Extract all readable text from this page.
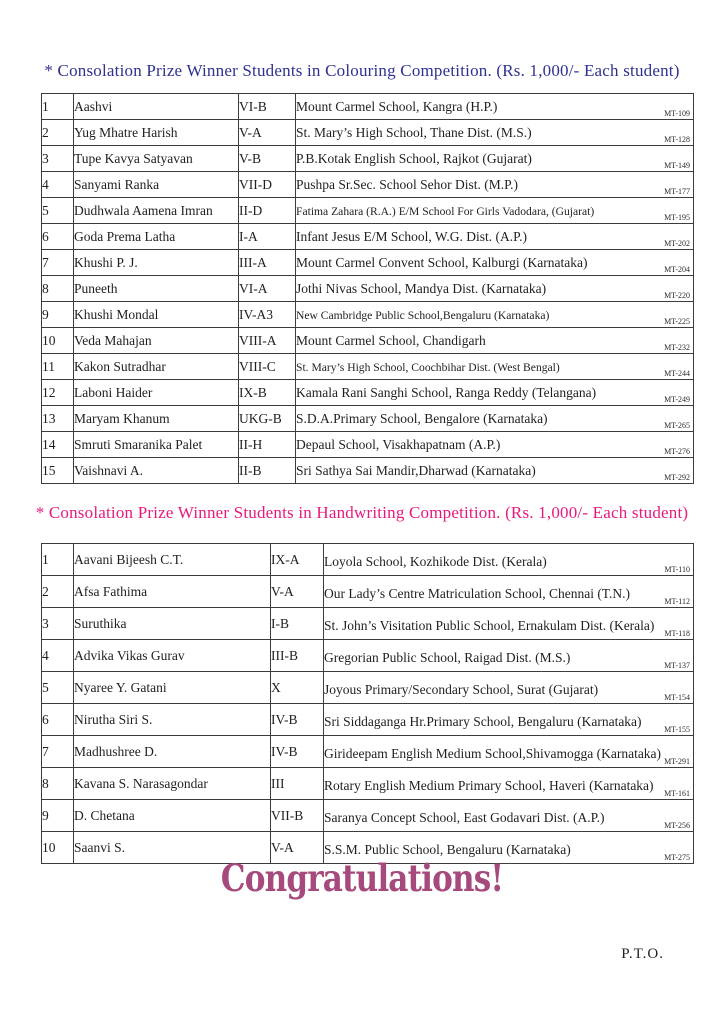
* Consolation Prize Winner Students in Colouring Competition. (Rs. 1,000/- Each student)
1	Aashvi	VI-B	Mount Carmel School, Kangra (H.P.) MT-109

2	Yug Mhatre Harish	V-A	St. Mary’s High School, Thane Dist. (M.S.) MT-128

3	Tupe Kavya Satyavan	V-B	P.B.Kotak English School, Rajkot (Gujarat) MT-149

4	Sanyami Ranka	VII-D	Pushpa Sr.Sec. School Sehor Dist. (M.P.) MT-177

5	Dudhwala Aamena Imran	II-D	Fatima Zahara (R.A.) E/M School For Girls Vadodara, (Gujarat) MT-195

6	Goda Prema Latha	I-A	Infant Jesus E/M School, W.G. Dist. (A.P.) MT-202

7	Khushi P. J.	III-A	Mount Carmel Convent School, Kalburgi (Karnataka) MT-204

8	Puneeth	VI-A	Jothi Nivas School, Mandya Dist. (Karnataka) MT-220

9	Khushi Mondal	IV-A3	New Cambridge Public School,Bengaluru (Karnataka) MT-225

10	Veda Mahajan	VIII-A	Mount Carmel School, Chandigarh MT-232

11	Kakon Sutradhar	VIII-C	St. Mary’s High School, Coochbihar Dist. (West Bengal) MT-244

12	Laboni Haider	IX-B	Kamala Rani Sanghi School, Ranga Reddy (Telangana) MT-249

13	Maryam Khanum	UKG-B	S.D.A.Primary School, Bengalore (Karnataka) MT-265

14	Smruti Smaranika Palet	II-H	Depaul School, Visakhapatnam (A.P.) MT-276

15	Vaishnavi A.	II-B	Sri Sathya Sai Mandir,Dharwad (Karnataka) MT-292
* Consolation Prize Winner Students in Handwriting Competition. (Rs. 1,000/- Each student)
1	Aavani Bijeesh C.T.	IX-A	Loyola School, Kozhikode Dist. (Kerala)
MT-110

2	Afsa Fathima	V-A	Our Lady’s Centre Matriculation School, Chennai (T.N.)
MT-112

3	Suruthika	I-B	St. John’s Visitation Public School, Ernakulam Dist. (Kerala)
MT-118

4	Advika Vikas Gurav	III-B	Gregorian Public School, Raigad Dist. (M.S.)
MT-137

5	Nyaree Y. Gatani	X	Joyous Primary/Secondary School, Surat (Gujarat)
MT-154

6	Nirutha Siri S.	IV-B	Sri Siddaganga Hr.Primary School, Bengaluru (Karnataka)
MT-155

7	Madhushree D.	IV-B	Girideepam English Medium School,Shivamogga (Karnataka)
MT-291

8	Kavana S. Narasagondar	III	Rotary English Medium Primary School, Haveri (Karnataka)
MT-161

9	D. Chetana	VII-B	Saranya Concept School, East Godavari Dist. (A.P.)
MT-256

10	Saanvi S.	V-A	S.S.M. Public School, Bengaluru (Karnataka)
MT-275
Congratulations!
P.T.O.
